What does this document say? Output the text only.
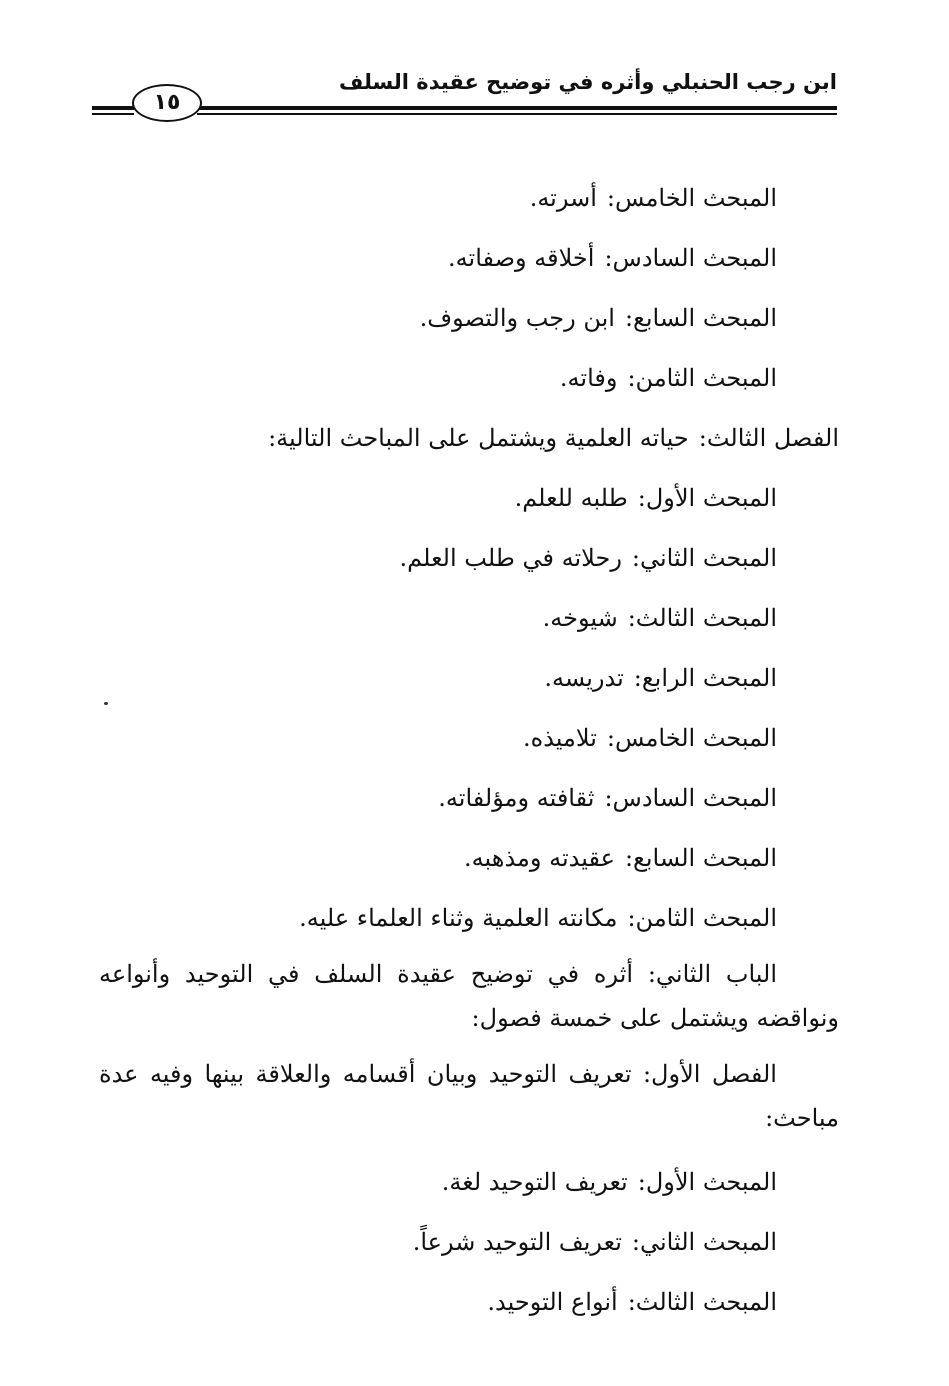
ابن رجب الحنبلي وأثره في توضيح عقيدة السلف
١٥
المبحث الخامس:أسرته.
المبحث السادس:أخلاقه وصفاته.
المبحث السابع:ابن رجب والتصوف.
المبحث الثامن:وفاته.
الفصل الثالث:حياته العلمية ويشتمل على المباحث التالية:
المبحث الأول:طلبه للعلم.
المبحث الثاني:رحلاته في طلب العلم.
المبحث الثالث:شيوخه.
المبحث الرابع:تدريسه.
المبحث الخامس:تلاميذه.
المبحث السادس:ثقافته ومؤلفاته.
المبحث السابع:عقيدته ومذهبه.
المبحث الثامن:مكانته العلمية وثناء العلماء عليه.
الباب الثاني: أثره في توضيح عقيدة السلف في التوحيد وأنواعه ونواقضه ويشتمل على خمسة فصول:
الفصل الأول: تعريف التوحيد وبيان أقسامه والعلاقة بينها وفيه عدة مباحث:
المبحث الأول:تعريف التوحيد لغة.
المبحث الثاني:تعريف التوحيد شرعاً.
المبحث الثالث:أنواع التوحيد.
